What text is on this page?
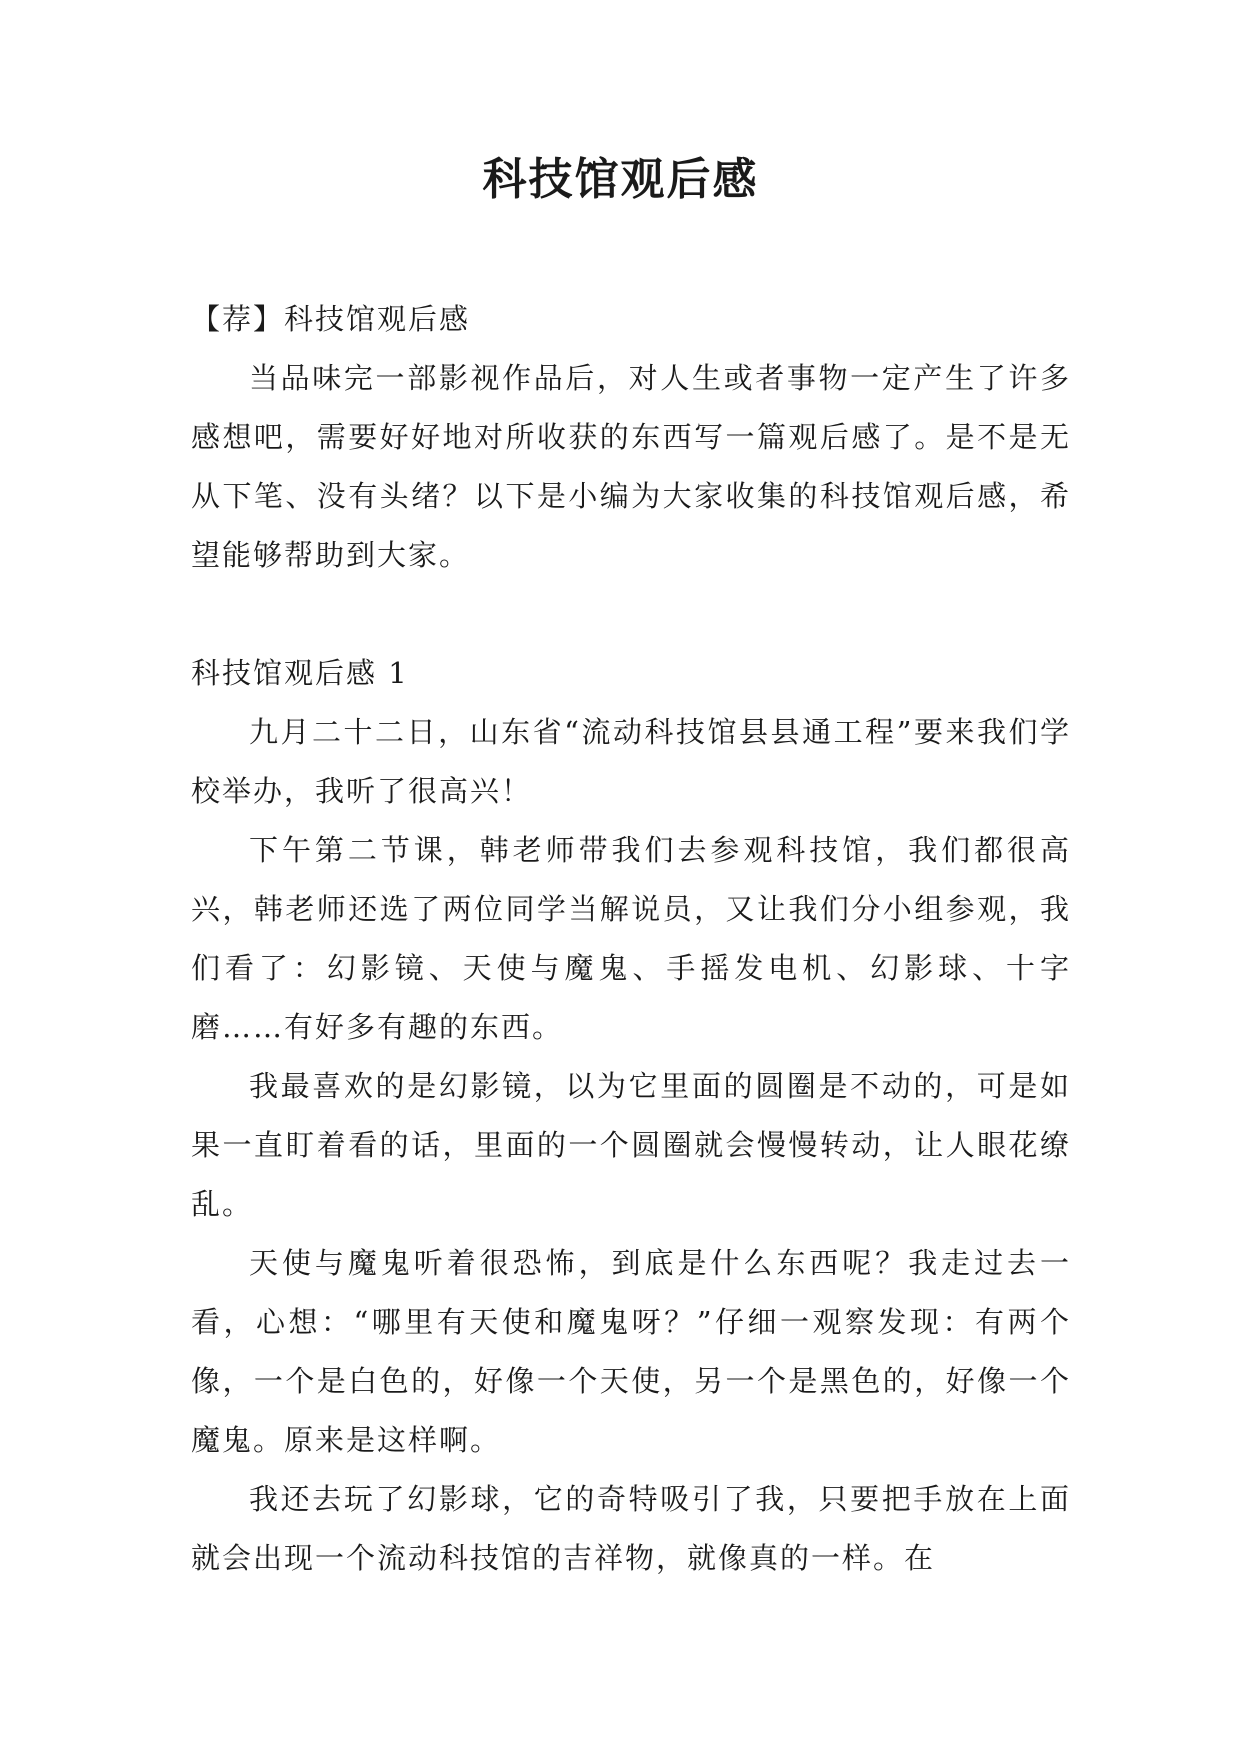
科技馆观后感

【荐】科技馆观后感

当品味完一部影视作品后，对人生或者事物一定产生了许多感想吧，需要好好地对所收获的东西写一篇观后感了。是不是无从下笔、没有头绪？以下是小编为大家收集的科技馆观后感，希望能够帮助到大家。

科技馆观后感 1

九月二十二日，山东省“流动科技馆县县通工程”要来我们学校举办，我听了很高兴！

下午第二节课，韩老师带我们去参观科技馆，我们都很高兴，韩老师还选了两位同学当解说员，又让我们分小组参观，我们看了：幻影镜、天使与魔鬼、手摇发电机、幻影球、十字磨……有好多有趣的东西。

我最喜欢的是幻影镜，以为它里面的圆圈是不动的，可是如果一直盯着看的话，里面的一个圆圈就会慢慢转动，让人眼花缭乱。

天使与魔鬼听着很恐怖，到底是什么东西呢？我走过去一看，心想：“哪里有天使和魔鬼呀？”仔细一观察发现：有两个像，一个是白色的，好像一个天使，另一个是黑色的，好像一个魔鬼。原来是这样啊。

我还去玩了幻影球，它的奇特吸引了我，只要把手放在上面就会出现一个流动科技馆的吉祥物，就像真的一样。在
